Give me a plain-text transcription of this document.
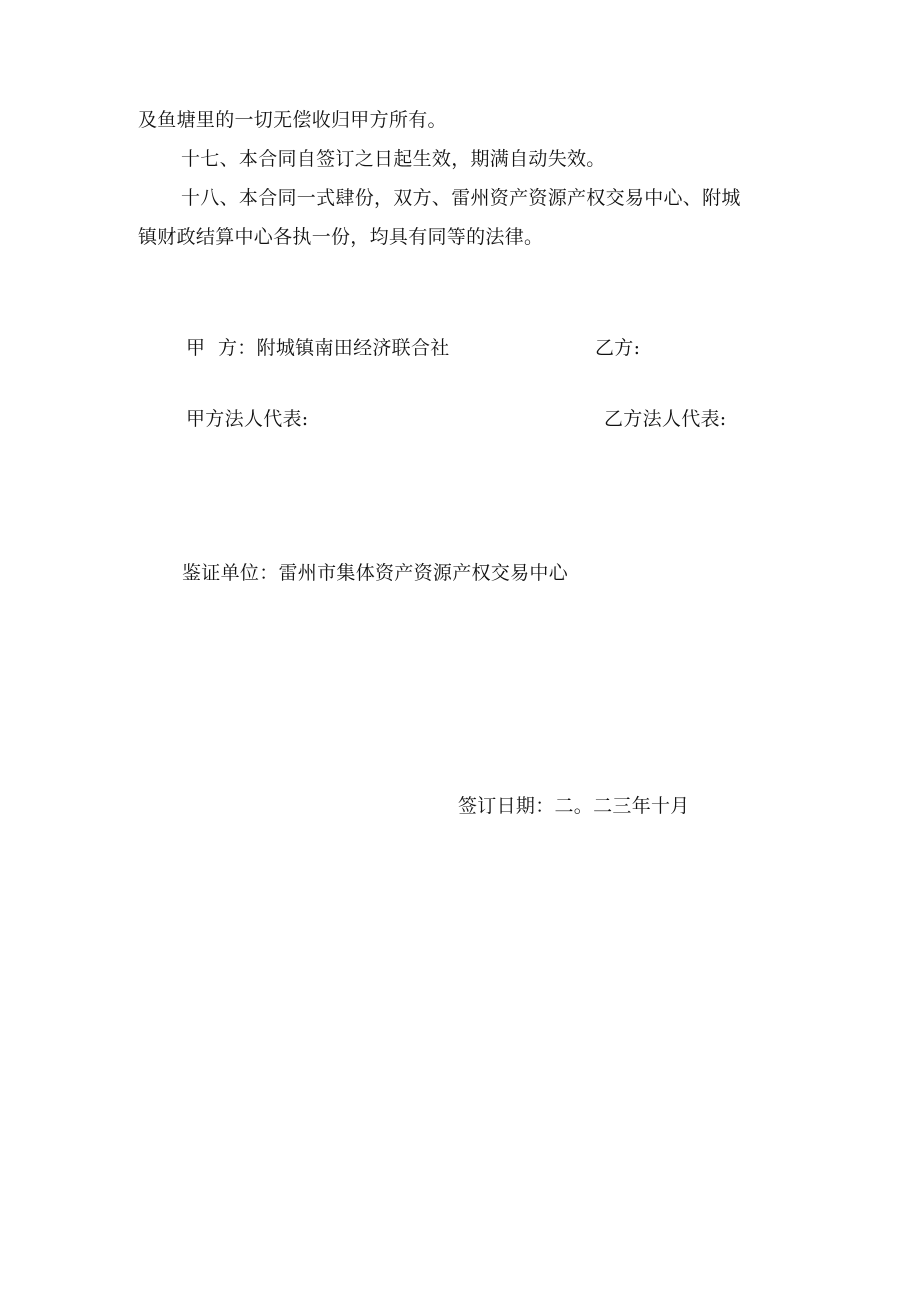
及鱼塘里的一切无偿收归甲方所有。
十七、本合同自签订之日起生效，期满自动失效。
十八、本合同一式肆份，双方、雷州资产资源产权交易中心、附城
镇财政结算中心各执一份，均具有同等的法律。
甲  方：附城镇南田经济联合社	乙方:
甲方法人代表:	乙方法人代表:
鉴证单位：雷州市集体资产资源产权交易中心
签订日期：二。二三年十月
